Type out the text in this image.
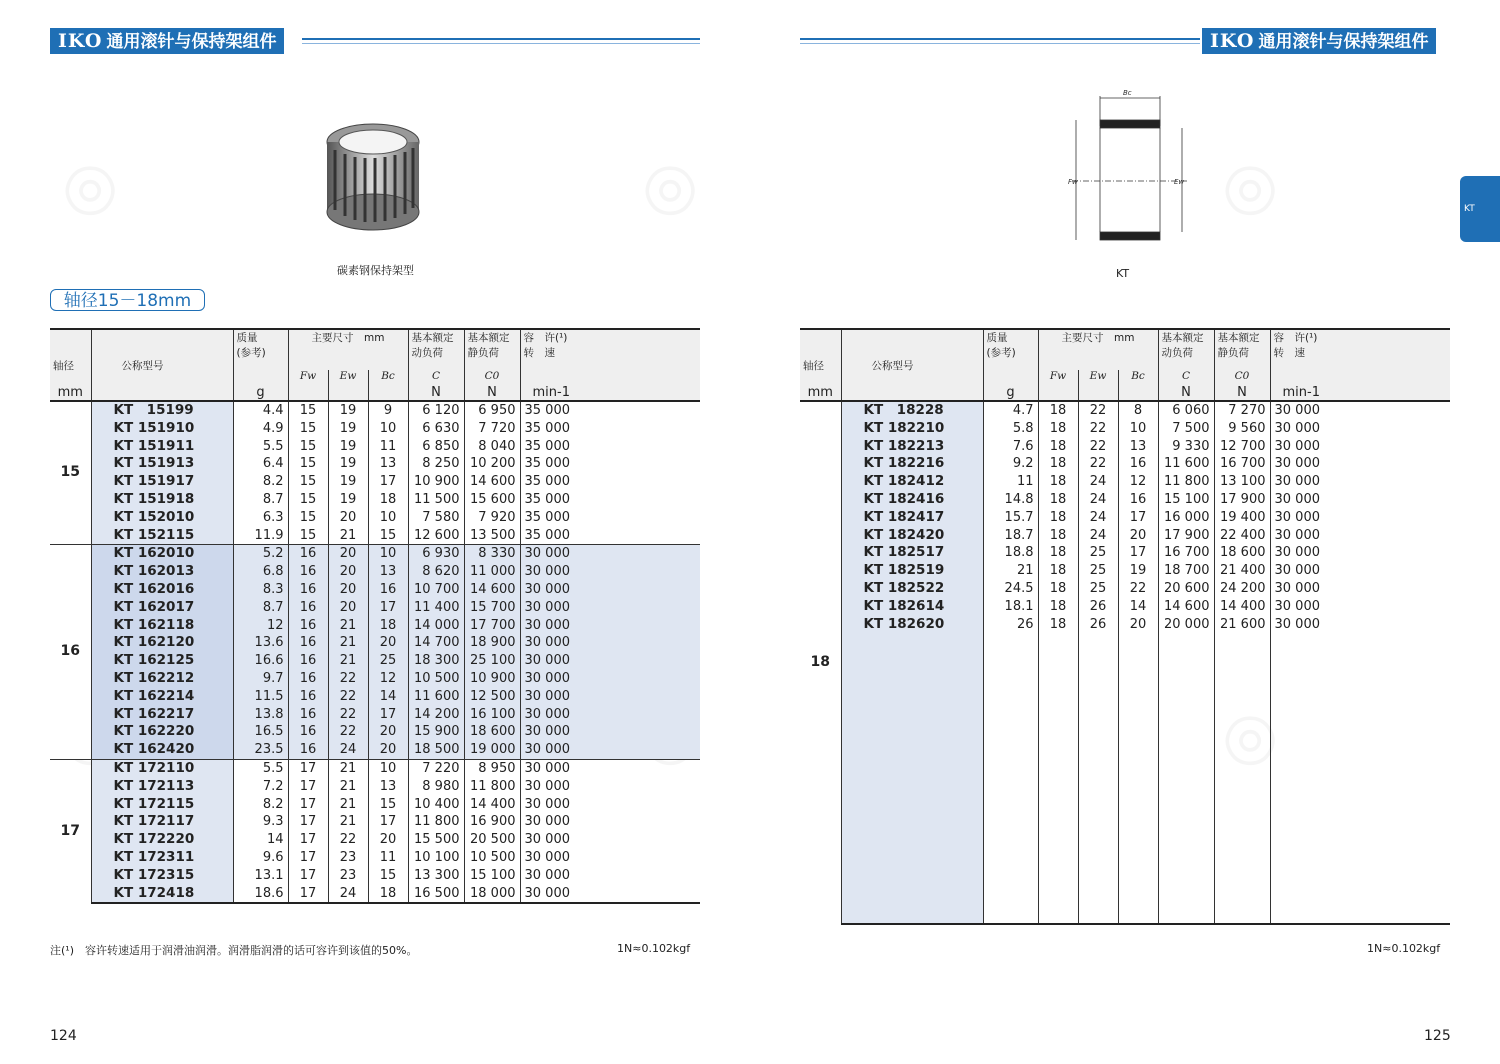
IKO 通用滚针与保持架组件	IKO 通用滚针与保持架组件
碳素钢保持架型
轴径15－18mm
Bc
Fw	Ew
KT
KT
轴径	公称型号	质量
(参考)	主要尺寸　mm			基本额定
动负荷	基本额定
静负荷	容　许(¹)
转　速
			Fw	Ew	Bc	C	C0	
mm		g				N	N	min-1
15	KT　15199	4.4	15	19	9	6 120	6 950	35 000
	KT 151910	4.9	15	19	10	6 630	7 720	35 000
	KT 151911	5.5	15	19	11	6 850	8 040	35 000
	KT 151913	6.4	15	19	13	8 250	10 200	35 000
	KT 151917	8.2	15	19	17	10 900	14 600	35 000
	KT 151918	8.7	15	19	18	11 500	15 600	35 000
	KT 152010	6.3	15	20	10	7 580	7 920	35 000
	KT 152115	11.9	15	21	15	12 600	13 500	35 000
16	KT 162010	5.2	16	20	10	6 930	8 330	30 000
	KT 162013	6.8	16	20	13	8 620	11 000	30 000
	KT 162016	8.3	16	20	16	10 700	14 600	30 000
	KT 162017	8.7	16	20	17	11 400	15 700	30 000
	KT 162118	12	16	21	18	14 000	17 700	30 000
	KT 162120	13.6	16	21	20	14 700	18 900	30 000
	KT 162125	16.6	16	21	25	18 300	25 100	30 000
	KT 162212	9.7	16	22	12	10 500	10 900	30 000
	KT 162214	11.5	16	22	14	11 600	12 500	30 000
	KT 162217	13.8	16	22	17	14 200	16 100	30 000
	KT 162220	16.5	16	22	20	15 900	18 600	30 000
	KT 162420	23.5	16	24	20	18 500	19 000	30 000
17	KT 172110	5.5	17	21	10	7 220	8 950	30 000
	KT 172113	7.2	17	21	13	8 980	11 800	30 000
	KT 172115	8.2	17	21	15	10 400	14 400	30 000
	KT 172117	9.3	17	21	17	11 800	16 900	30 000
	KT 172220	14	17	22	20	15 500	20 500	30 000
	KT 172311	9.6	17	23	11	10 100	10 500	30 000
	KT 172315	13.1	17	23	15	13 300	15 100	30 000
	KT 172418	18.6	17	24	18	16 500	18 000	30 000
轴径	公称型号	质量
(参考)	主要尺寸　mm			基本额定
动负荷	基本额定
静负荷	容　许(¹)
转　速
			Fw	Ew	Bc	C	C0	
mm		g				N	N	min-1
18	KT　18228	4.7	18	22	8	6 060	7 270	30 000
	KT 182210	5.8	18	22	10	7 500	9 560	30 000
	KT 182213	7.6	18	22	13	9 330	12 700	30 000
	KT 182216	9.2	18	22	16	11 600	16 700	30 000
	KT 182412	11	18	24	12	11 800	13 100	30 000
	KT 182416	14.8	18	24	16	15 100	17 900	30 000
	KT 182417	15.7	18	24	17	16 000	19 400	30 000
	KT 182420	18.7	18	24	20	17 900	22 400	30 000
	KT 182517	18.8	18	25	17	16 700	18 600	30 000
	KT 182519	21	18	25	19	18 700	21 400	30 000
	KT 182522	24.5	18	25	22	20 600	24 200	30 000
	KT 182614	18.1	18	26	14	14 600	14 400	30 000
	KT 182620	26	18	26	20	20 000	21 600	30 000

注(¹)　容许转速适用于润滑油润滑。润滑脂润滑的话可容许到该值的50%。	1N≈0.102kgf	1N≈0.102kgf
124	125
